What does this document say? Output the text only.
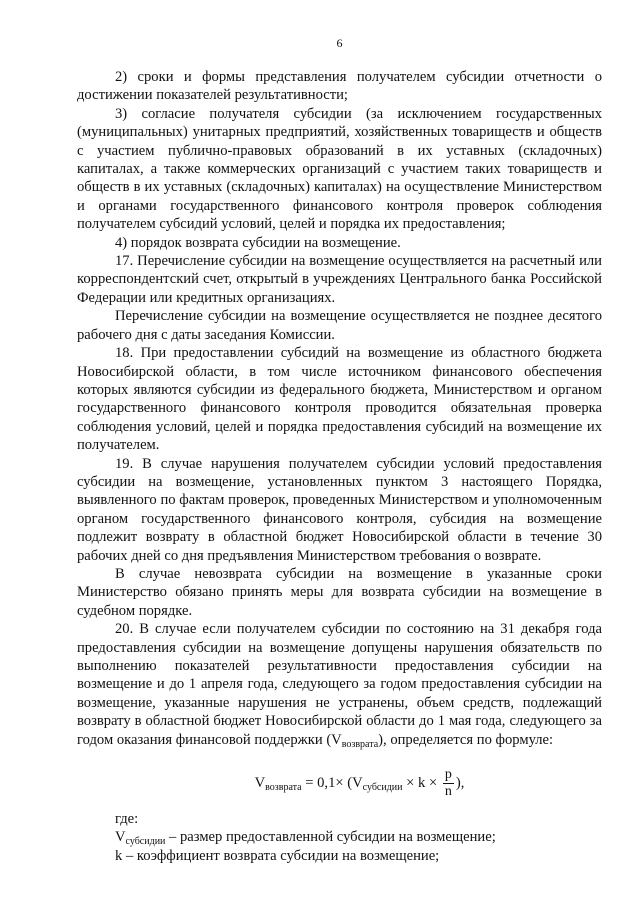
6

2) сроки и формы представления получателем субсидии отчетности о достижении показателей результативности;

3) согласие получателя субсидии (за исключением государственных (муниципальных) унитарных предприятий, хозяйственных товариществ и обществ с участием публично-правовых образований в их уставных (складочных) капиталах, а также коммерческих организаций с участием таких товариществ и обществ в их уставных (складочных) капиталах) на осуществление Министерством и органами государственного финансового контроля проверок соблюдения получателем субсидий условий, целей и порядка их предоставления;

4) порядок возврата субсидии на возмещение.

17. Перечисление субсидии на возмещение осуществляется на расчетный или корреспондентский счет, открытый в учреждениях Центрального банка Российской Федерации или кредитных организациях.

Перечисление субсидии на возмещение осуществляется не позднее десятого рабочего дня с даты заседания Комиссии.

18. При предоставлении субсидий на возмещение из областного бюджета Новосибирской области, в том числе источником финансового обеспечения которых являются субсидии из федерального бюджета, Министерством и органом государственного финансового контроля проводится обязательная проверка соблюдения условий, целей и порядка предоставления субсидий на возмещение их получателем.

19. В случае нарушения получателем субсидии условий предоставления субсидии на возмещение, установленных пунктом 3 настоящего Порядка, выявленного по фактам проверок, проведенных Министерством и уполномоченным органом государственного финансового контроля, субсидия на возмещение подлежит возврату в областной бюджет Новосибирской области в течение 30 рабочих дней со дня предъявления Министерством требования о возврате.

В случае невозврата субсидии на возмещение в указанные сроки Министерство обязано принять меры для возврата субсидии на возмещение в судебном порядке.

20. В случае если получателем субсидии по состоянию на 31 декабря года предоставления субсидии на возмещение допущены нарушения обязательств по выполнению показателей результативности предоставления субсидии на возмещение и до 1 апреля года, следующего за годом предоставления субсидии на возмещение, указанные нарушения не устранены, объем средств, подлежащий возврату в областной бюджет Новосибирской области до 1 мая года, следующего за годом оказания финансовой поддержки $(V_{возврата})$, определяется по формуле:

$V_{возврата} = 0,1\times (V_{субсидии} \times k \times \frac{p}{n}$ ),

где:

$V_{субсидии}$ – размер предоставленной субсидии на возмещение;

k – коэффициент возврата субсидии на возмещение;
